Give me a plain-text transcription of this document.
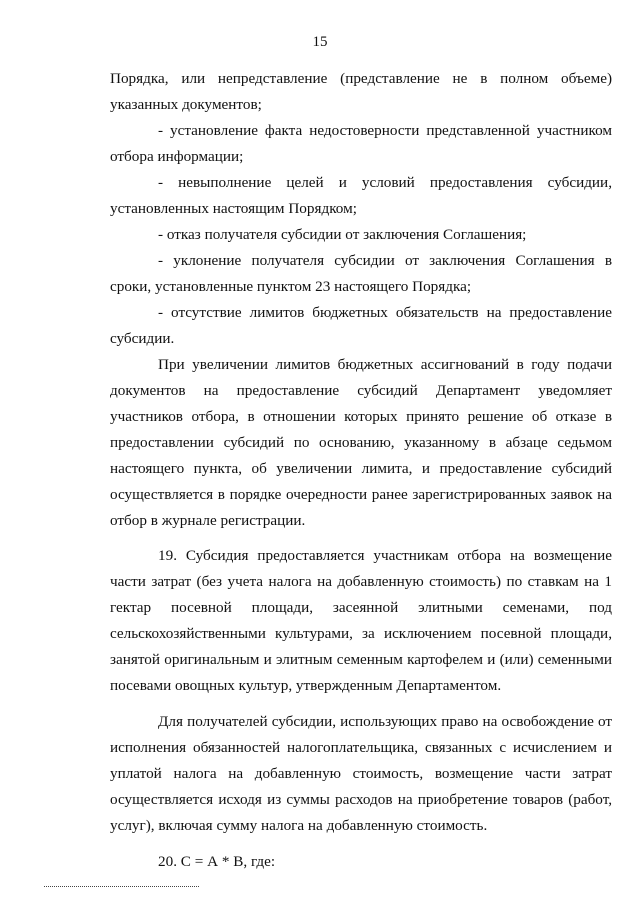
15

Порядка, или непредставление (представление не в полном объеме) указанных документов;

- установление факта недостоверности представленной участником отбора информации;

- невыполнение целей и условий предоставления субсидии, установленных настоящим Порядком;

- отказ получателя субсидии от заключения Соглашения;

- уклонение получателя субсидии от заключения Соглашения в сроки, установленные пунктом 23 настоящего Порядка;

- отсутствие лимитов бюджетных обязательств на предоставление субсидии.

При увеличении лимитов бюджетных ассигнований в году подачи документов на предоставление субсидий Департамент уведомляет участников отбора, в отношении которых принято решение об отказе в предоставлении субсидий по основанию, указанному в абзаце седьмом настоящего пункта, об увеличении лимита, и предоставление субсидий осуществляется в порядке очередности ранее зарегистрированных заявок на отбор в журнале регистрации.

19. Субсидия предоставляется участникам отбора на возмещение части затрат (без учета налога на добавленную стоимость) по ставкам на 1 гектар посевной площади, засеянной элитными семенами, под сельскохозяйственными культурами, за исключением посевной площади, занятой оригинальным и элитным семенным картофелем и (или) семенными посевами овощных культур, утвержденным Департаментом.

Для получателей субсидии, использующих право на освобождение от исполнения обязанностей налогоплательщика, связанных с исчислением и уплатой налога на добавленную стоимость, возмещение части затрат осуществляется исходя из суммы расходов на приобретение товаров (работ, услуг), включая сумму налога на добавленную стоимость.

20. С = А * В, где:
